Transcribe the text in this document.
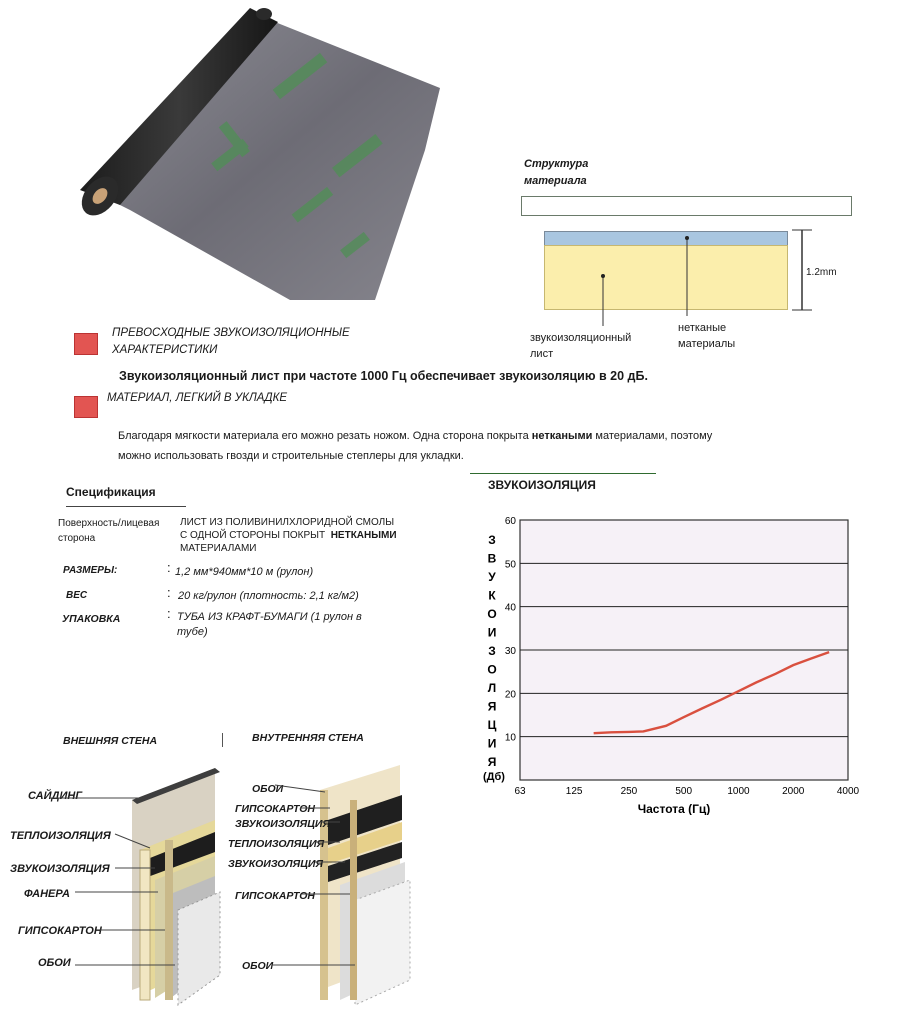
Структура
материала
1.2mm
звукоизоляционный
лист
нетканые
материалы
ПРЕВОСХОДНЫЕ ЗВУКОИЗОЛЯЦИОННЫЕ
ХАРАКТЕРИСТИКИ
Звукоизоляционный лист при частоте 1000 Гц обеспечивает звукоизоляцию в 20 дБ.
МАТЕРИАЛ, ЛЕГКИЙ В УКЛАДКЕ
Благодаря мягкости материала его можно резать ножом. Одна сторона покрыта неткаными материалами, поэтому
можно использовать гвозди и строительные степлеры для укладки.
Спецификация
Поверхность/лицевая
сторона
ЛИСТ ИЗ ПОЛИВИНИЛХЛОРИДНОЙ СМОЛЫ
С ОДНОЙ СТОРОНЫ ПОКРЫТ НЕТКАНЫМИ
МАТЕРИАЛАМИ
РАЗМЕРЫ:	: 1,2 мм*940мм*10 м (рулон)
ВЕС	: 20 кг/рулон (плотность: 2,1 кг/м2)
УПАКОВКА	: ТУБА ИЗ КРАФТ-БУМАГИ (1 рулон в
тубе)
ЗВУКОИЗОЛЯЦИЯ
10
20
30
40
50
60
63	125	250	500	1000	2000	4000
З
В
У
К
О
И
З
О
Л
Я
Ц
И
Я
(Дб)
Частота (Гц)
ВНЕШНЯЯ СТЕНА	ВНУТРЕННЯЯ СТЕНА
САЙДИНГ
ТЕПЛОИЗОЛЯЦИЯ
ЗВУКОИЗОЛЯЦИЯ
ФАНЕРА
ГИПСОКАРТОН
ОБОИ
ОБОИ
ГИПСОКАРТОН
ЗВУКОИЗОЛЯЦИЯ
ТЕПЛОИЗОЛЯЦИЯ
ЗВУКОИЗОЛЯЦИЯ
ГИПСОКАРТОН
ОБОИ
